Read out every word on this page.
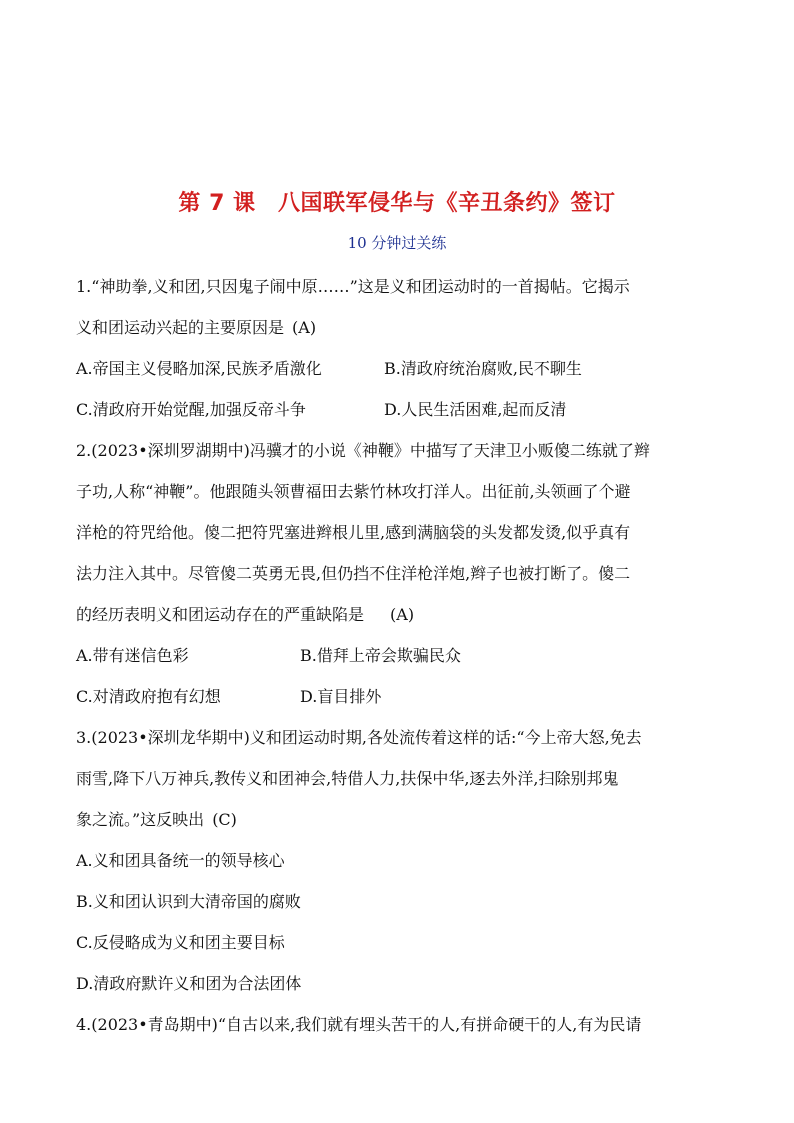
第 7 课　八国联军侵华与《辛丑条约》签订
10 分钟过关练
1.“神助拳,义和团,只因鬼子闹中原……”这是义和团运动时的一首揭帖。它揭示
义和团运动兴起的主要原因是 (A)
A.帝国主义侵略加深,民族矛盾激化	B.清政府统治腐败,民不聊生
C.清政府开始觉醒,加强反帝斗争	D.人民生活困难,起而反清
2.(2023•深圳罗湖期中)冯骥才的小说《神鞭》中描写了天津卫小贩傻二练就了辫
子功,人称“神鞭”。他跟随头领曹福田去紫竹林攻打洋人。出征前,头领画了个避
洋枪的符咒给他。傻二把符咒塞进辫根儿里,感到满脑袋的头发都发烫,似乎真有
法力注入其中。尽管傻二英勇无畏,但仍挡不住洋枪洋炮,辫子也被打断了。傻二
的经历表明义和团运动存在的严重缺陷是 (A)
A.带有迷信色彩	B.借拜上帝会欺骗民众
C.对清政府抱有幻想	D.盲目排外
3.(2023•深圳龙华期中)义和团运动时期,各处流传着这样的话:“今上帝大怒,免去
雨雪,降下八万神兵,教传义和团神会,特借人力,扶保中华,逐去外洋,扫除别邦鬼
象之流。”这反映出 (C)
A.义和团具备统一的领导核心
B.义和团认识到大清帝国的腐败
C.反侵略成为义和团主要目标
D.清政府默许义和团为合法团体
4.(2023•青岛期中)“自古以来,我们就有埋头苦干的人,有拼命硬干的人,有为民请
